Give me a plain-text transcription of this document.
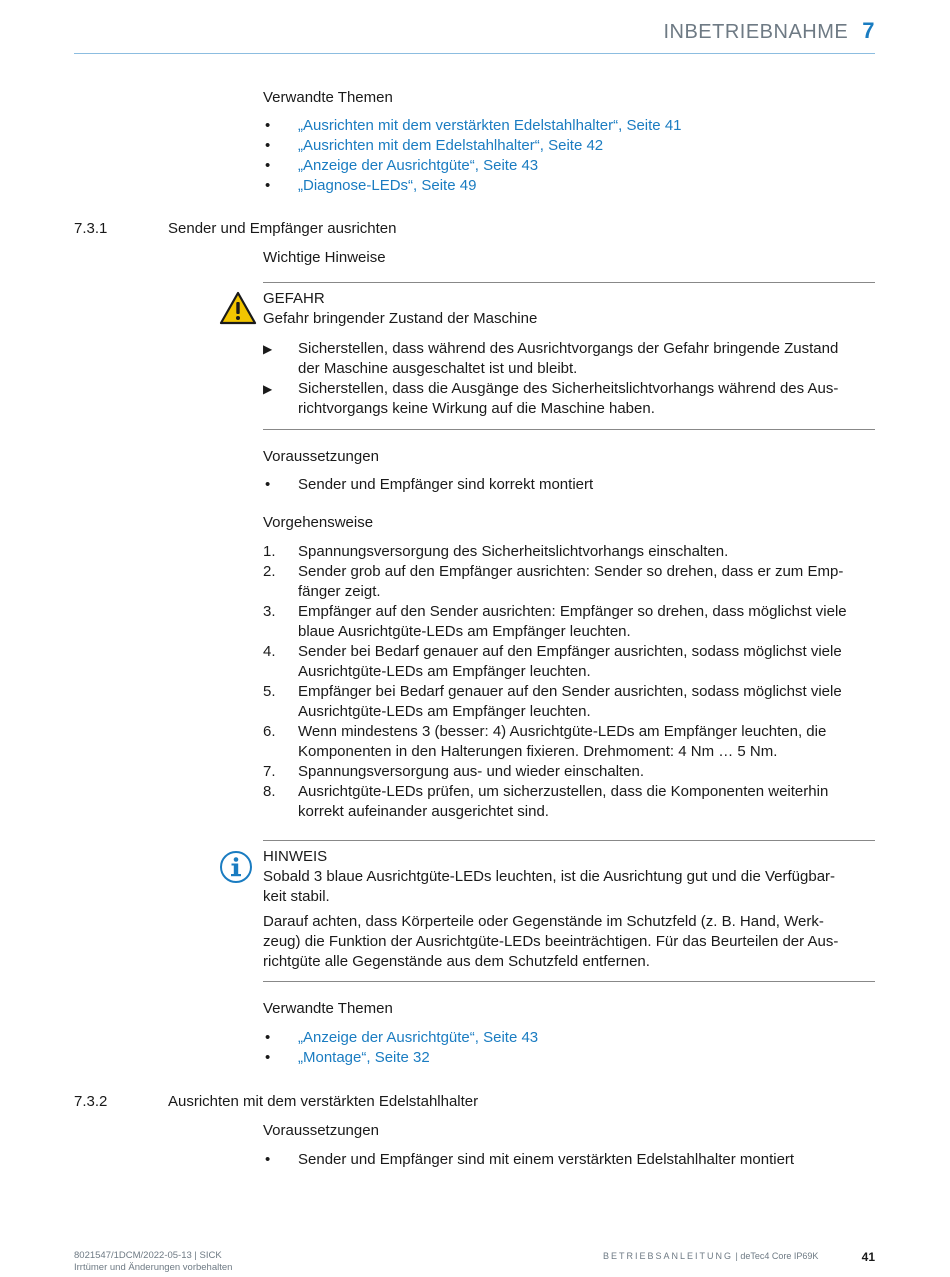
INBETRIEBNAHME 7
Verwandte Themen
• „Ausrichten mit dem verstärkten Edelstahlhalter“, Seite 41
• „Ausrichten mit dem Edelstahlhalter“, Seite 42
• „Anzeige der Ausrichtgüte“, Seite 43
• „Diagnose-LEDs“, Seite 49
7.3.1	Sender und Empfänger ausrichten
Wichtige Hinweise
GEFAHR
Gefahr bringender Zustand der Maschine
▶ Sicherstellen, dass während des Ausrichtvorgangs der Gefahr bringende Zustand
der Maschine ausgeschaltet ist und bleibt.
▶ Sicherstellen, dass die Ausgänge des Sicherheitslichtvorhangs während des Aus-
richtvorgangs keine Wirkung auf die Maschine haben.
Voraussetzungen
• Sender und Empfänger sind korrekt montiert
Vorgehensweise
1. Spannungsversorgung des Sicherheitslichtvorhangs einschalten.
2. Sender grob auf den Empfänger ausrichten: Sender so drehen, dass er zum Emp-
fänger zeigt.
3. Empfänger auf den Sender ausrichten: Empfänger so drehen, dass möglichst viele
blaue Ausrichtgüte-LEDs am Empfänger leuchten.
4. Sender bei Bedarf genauer auf den Empfänger ausrichten, sodass möglichst viele
Ausrichtgüte-LEDs am Empfänger leuchten.
5. Empfänger bei Bedarf genauer auf den Sender ausrichten, sodass möglichst viele
Ausrichtgüte-LEDs am Empfänger leuchten.
6. Wenn mindestens 3 (besser: 4) Ausrichtgüte-LEDs am Empfänger leuchten, die
Komponenten in den Halterungen fixieren. Drehmoment: 4 Nm … 5 Nm.
7. Spannungsversorgung aus- und wieder einschalten.
8. Ausrichtgüte-LEDs prüfen, um sicherzustellen, dass die Komponenten weiterhin
korrekt aufeinander ausgerichtet sind.
HINWEIS
Sobald 3 blaue Ausrichtgüte-LEDs leuchten, ist die Ausrichtung gut und die Verfügbar-
keit stabil.
Darauf achten, dass Körperteile oder Gegenstände im Schutzfeld (z. B. Hand, Werk-
zeug) die Funktion der Ausrichtgüte-LEDs beeinträchtigen. Für das Beurteilen der Aus-
richtgüte alle Gegenstände aus dem Schutzfeld entfernen.
Verwandte Themen
• „Anzeige der Ausrichtgüte“, Seite 43
• „Montage“, Seite 32
7.3.2	Ausrichten mit dem verstärkten Edelstahlhalter
Voraussetzungen
• Sender und Empfänger sind mit einem verstärkten Edelstahlhalter montiert
8021547/1DCM/2022-05-13 | SICK
Irrtümer und Änderungen vorbehalten
BETRIEBSANLEITUNG | deTec4 Core IP69K	41
